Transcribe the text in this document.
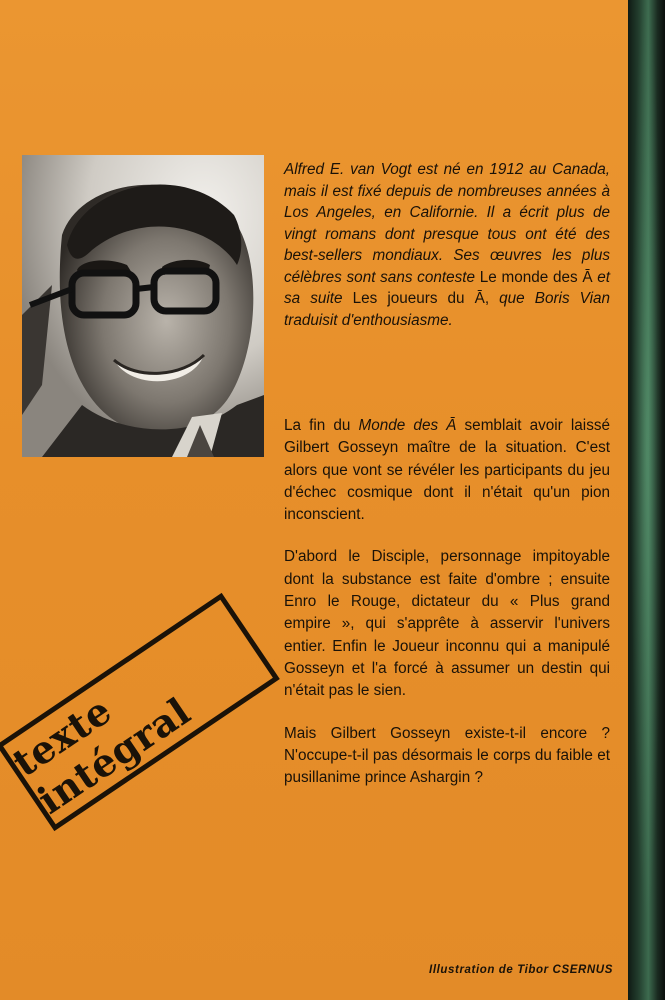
Alfred E. van Vogt est né en 1912 au Canada, mais il est fixé depuis de nombreuses années à Los Angeles, en Californie. Il a écrit plus de vingt romans dont presque tous ont été des best-sellers mondiaux. Ses œuvres les plus célèbres sont sans conteste Le monde des Ā et sa suite Les joueurs du Ā, que Boris Vian traduisit d'enthousiasme.

La fin du Monde des Ā semblait avoir laissé Gilbert Gosseyn maître de la situation. C'est alors que vont se révéler les participants du jeu d'échec cosmique dont il n'était qu'un pion inconscient.

D'abord le Disciple, personnage impitoyable dont la substance est faite d'ombre ; ensuite Enro le Rouge, dictateur du « Plus grand empire », qui s'apprête à asservir l'univers entier. Enfin le Joueur inconnu qui a manipulé Gosseyn et l'a forcé à assumer un destin qui n'était pas le sien.

Mais Gilbert Gosseyn existe-t-il encore ? N'occupe-t-il pas désormais le corps du faible et pusillanime prince Ashargin ?

texte intégral
Illustration de Tibor CSERNUS
